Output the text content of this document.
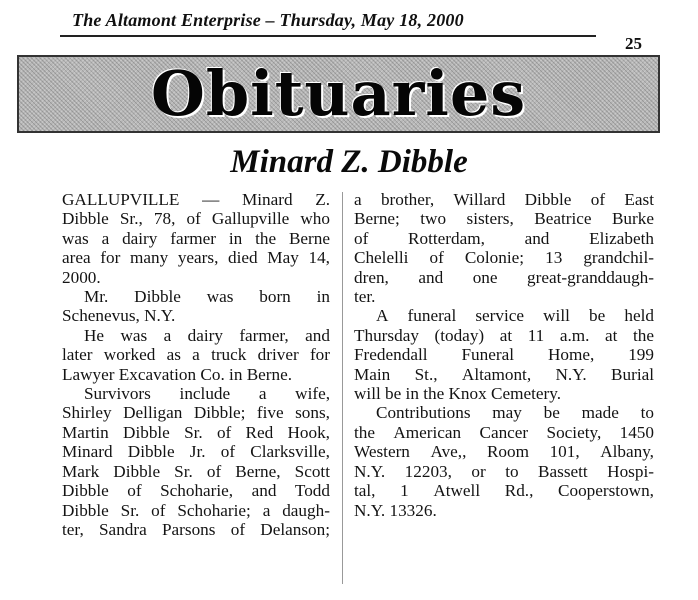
The Altamont Enterprise – Thursday, May 18, 2000
25
Obituaries
Minard Z. Dibble
GALLUPVILLE — Minard Z.
Dibble Sr., 78, of Gallupville who
was a dairy farmer in the Berne
area for many years, died May 14,
2000.
Mr. Dibble was born in
Schenevus, N.Y.
He was a dairy farmer, and
later worked as a truck driver for
Lawyer Excavation Co. in Berne.
Survivors include a wife,
Shirley Delligan Dibble; five sons,
Martin Dibble Sr. of Red Hook,
Minard Dibble Jr. of Clarksville,
Mark Dibble Sr. of Berne, Scott
Dibble of Schoharie, and Todd
Dibble Sr. of Schoharie; a daugh-
ter, Sandra Parsons of Delanson;
a brother, Willard Dibble of East
Berne; two sisters, Beatrice Burke
of Rotterdam, and Elizabeth
Chelelli of Colonie; 13 grandchil-
dren, and one great-granddaugh-
ter.
A funeral service will be held
Thursday (today) at 11 a.m. at the
Fredendall Funeral Home, 199
Main St., Altamont, N.Y. Burial
will be in the Knox Cemetery.
Contributions may be made to
the American Cancer Society, 1450
Western Ave,, Room 101, Albany,
N.Y. 12203, or to Bassett Hospi-
tal, 1 Atwell Rd., Cooperstown,
N.Y. 13326.
